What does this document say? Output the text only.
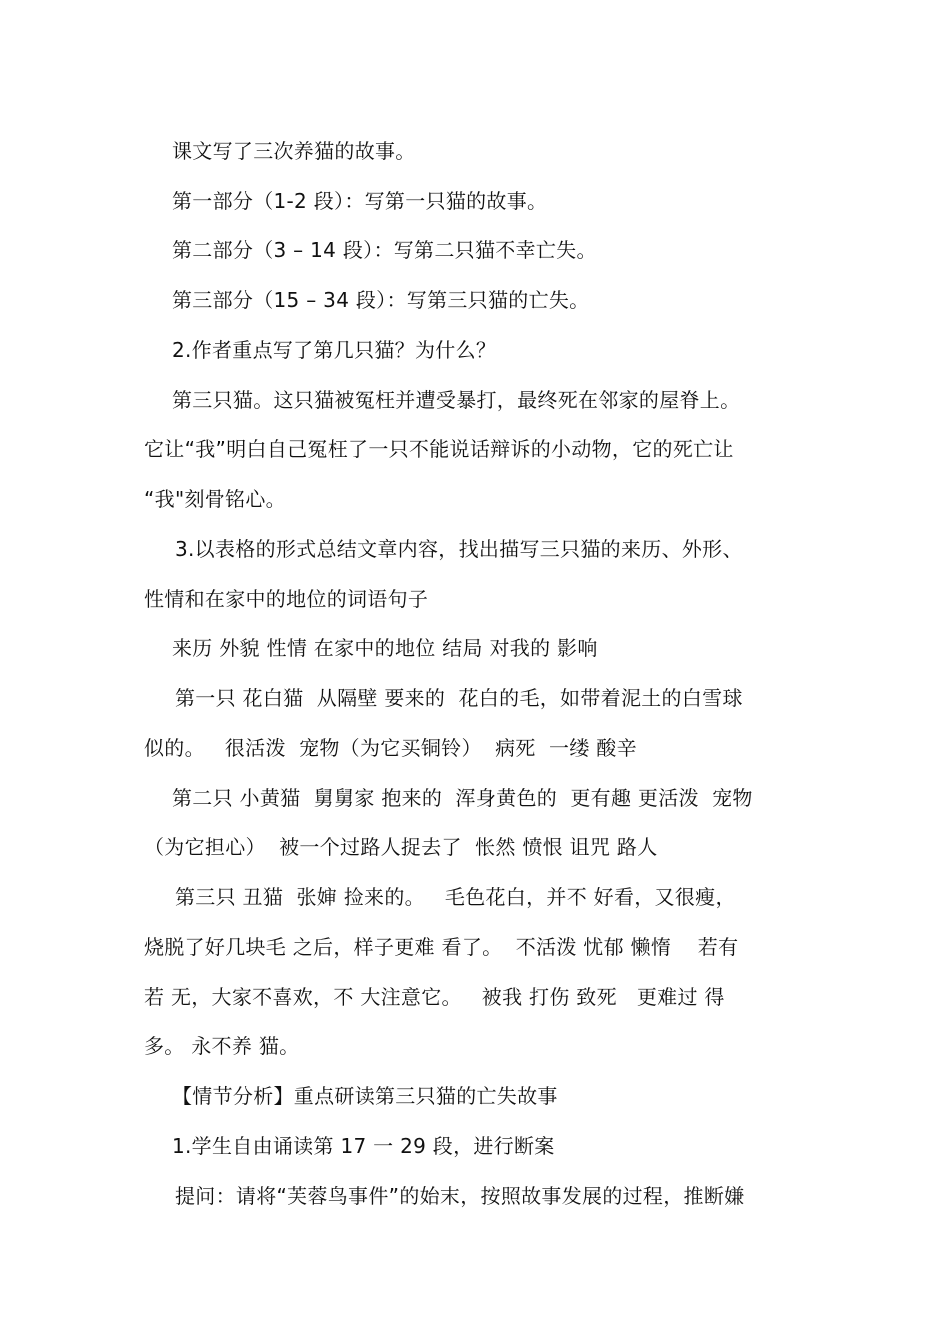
课文写了三次养猫的故事。
第一部分（1-2 段）：写第一只猫的故事。
第二部分（3 – 14 段）：写第二只猫不幸亡失。
第三部分（15 – 34 段）：写第三只猫的亡失。
2.作者重点写了第几只猫？为什么？
第三只猫。这只猫被冤枉并遭受暴打，最终死在邻家的屋脊上。
它让“我”明白自己冤枉了一只不能说话辩诉的小动物，它的死亡让
“我"刻骨铭心。
3.以表格的形式总结文章内容，找出描写三只猫的来历、外形、
性情和在家中的地位的词语句子
来历 外貌 性情 在家中的地位 结局 对我的 影响
第一只 花白猫  从隔壁 要来的  花白的毛，如带着泥土的白雪球
似的。   很活泼  宠物（为它买铜铃）  病死  一缕 酸辛
第二只 小黄猫  舅舅家 抱来的  浑身黄色的  更有趣 更活泼  宠物
（为它担心）  被一个过路人捉去了  怅然 愤恨 诅咒 路人
第三只 丑猫  张婶 捡来的。   毛色花白，并不 好看，又很瘦，
烧脱了好几块毛 之后，样子更难 看了。  不活泼 忧郁 懒惰    若有
若 无，大家不喜欢，不 大注意它。   被我 打伤 致死   更难过 得
多。 永不养 猫。
【情节分析】重点研读第三只猫的亡失故事
1.学生自由诵读第 17 一 29 段，进行断案
提问：请将“芙蓉鸟事件”的始末，按照故事发展的过程，推断嫌
